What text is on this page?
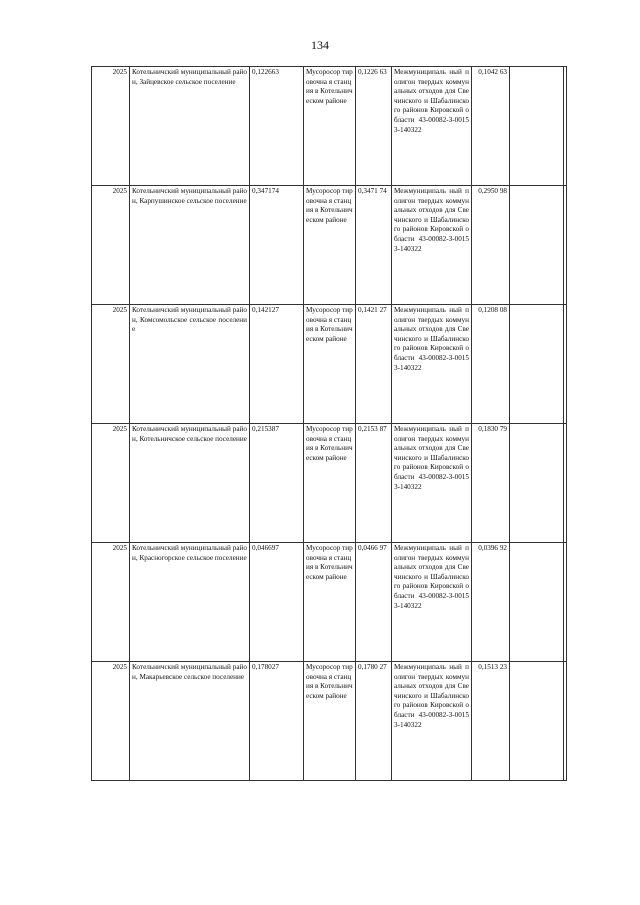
134
2025	Котельничский муниципальный район, Зайцевское сельское поселение	0,122663	Мусоросор тировочна я станция в Котельнич еском районе	0,1226 63	Межмуниципаль ный полигон твердых коммунальных отходов для Свечинского и Шабалинского районов Кировской области 43-00082-З-00153-140322	0,1042 63		
2025	Котельничский муниципальный район, Карпушинское сельское поселение	0,347174	Мусоросор тировочна я станция в Котельнич еском районе	0,3471 74	Межмуниципаль ный полигон твердых коммунальных отходов для Свечинского и Шабалинского районов Кировской области 43-00082-З-00153-140322	0,2950 98		
2025	Котельничский муниципальный район, Комсомольское сельское поселение	0,142127	Мусоросор тировочна я станция в Котельнич еском районе	0,1421 27	Межмуниципаль ный полигон твердых коммунальных отходов для Свечинского и Шабалинского районов Кировской области 43-00082-З-00153-140322	0,1208 08		
2025	Котельничский муниципальный район, Котельничское сельское поселение	0,215387	Мусоросор тировочна я станция в Котельнич еском районе	0,2153 87	Межмуниципаль ный полигон твердых коммунальных отходов для Свечинского и Шабалинского районов Кировской области 43-00082-З-00153-140322	0,1830 79		
2025	Котельничский муниципальный район, Красногорское сельское поселение	0,046697	Мусоросор тировочна я станция в Котельнич еском районе	0,0466 97	Межмуниципаль ный полигон твердых коммунальных отходов для Свечинского и Шабалинского районов Кировской области 43-00082-З-00153-140322	0,0396 92		
2025	Котельничский муниципальный район, Макарьевское сельское поселение	0,178027	Мусоросор тировочна я станция в Котельнич еском районе	0,1780 27	Межмуниципаль ный полигон твердых коммунальных отходов для Свечинского и Шабалинского районов Кировской области 43-00082-З-00153-140322	0,1513 23		
